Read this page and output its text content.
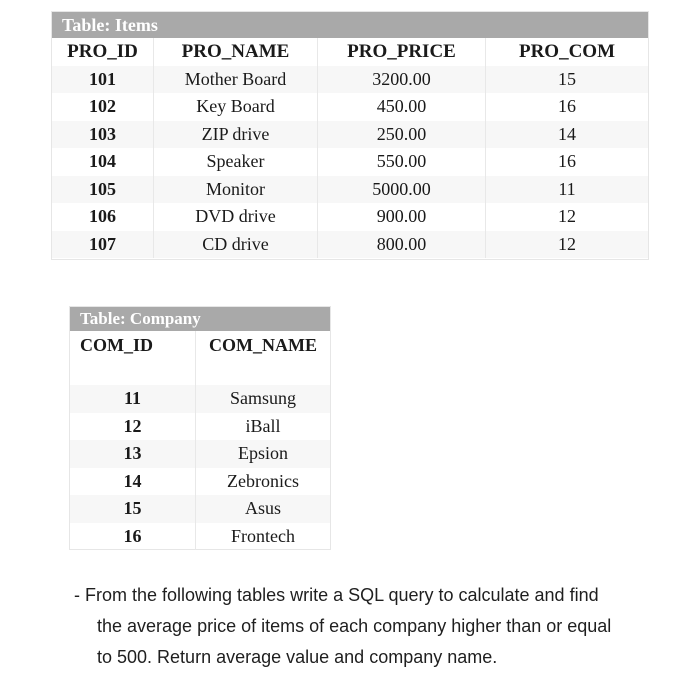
Table: Items
PRO_ID	PRO_NAME	PRO_PRICE	PRO_COM
101	Mother Board	3200.00	15
102	Key Board	450.00	16
103	ZIP drive	250.00	14
104	Speaker	550.00	16
105	Monitor	5000.00	11
106	DVD drive	900.00	12
107	CD drive	800.00	12
Table: Company
COM_ID	COM_NAME
11	Samsung
12	iBall
13	Epsion
14	Zebronics
15	Asus
16	Frontech
- From the following tables write a SQL query to calculate and find
the average price of items of each company higher than or equal
to 500. Return average value and company name.
